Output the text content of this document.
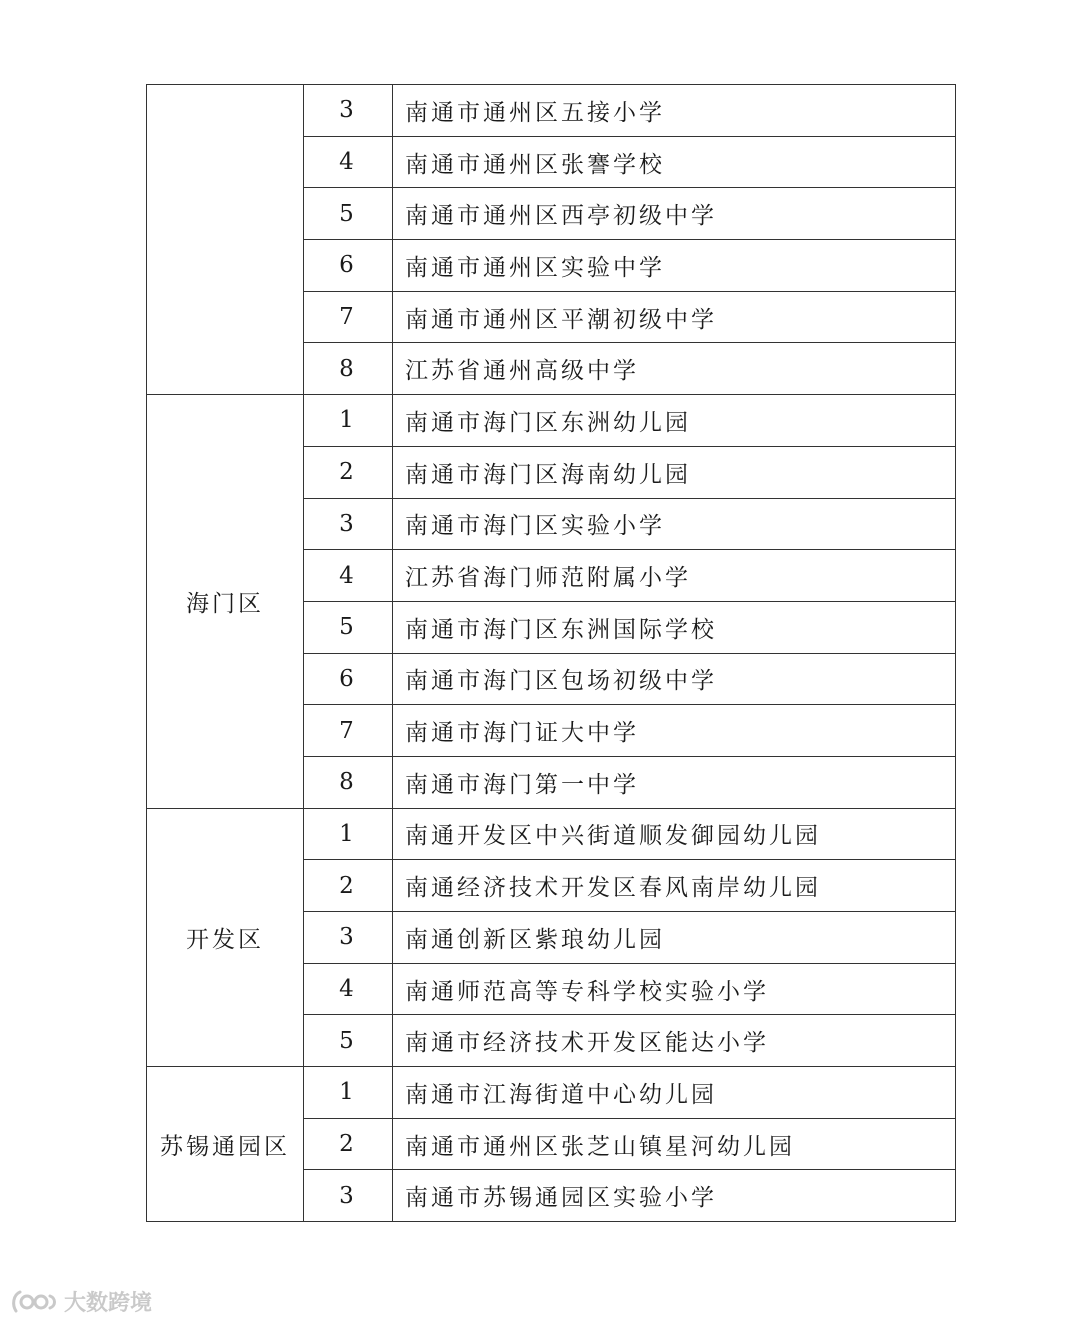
	3	南通市通州区五接小学
	4	南通市通州区张謇学校
	5	南通市通州区西亭初级中学
	6	南通市通州区实验中学
	7	南通市通州区平潮初级中学
	8	江苏省通州高级中学
海门区	1	南通市海门区东洲幼儿园
	2	南通市海门区海南幼儿园
	3	南通市海门区实验小学
	4	江苏省海门师范附属小学
	5	南通市海门区东洲国际学校
	6	南通市海门区包场初级中学
	7	南通市海门证大中学
	8	南通市海门第一中学
开发区	1	南通开发区中兴街道顺发御园幼儿园
	2	南通经济技术开发区春风南岸幼儿园
	3	南通创新区紫琅幼儿园
	4	南通师范高等专科学校实验小学
	5	南通市经济技术开发区能达小学
苏锡通园区	1	南通市江海街道中心幼儿园
	2	南通市通州区张芝山镇星河幼儿园
	3	南通市苏锡通园区实验小学
大数跨境
